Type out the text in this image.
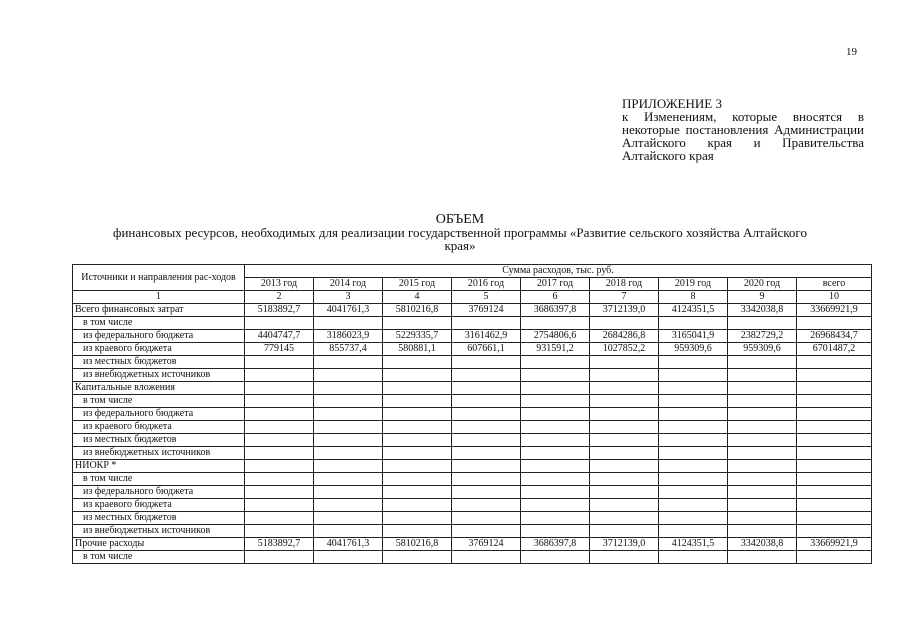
19
ПРИЛОЖЕНИЕ 3
к Изменениям, которые вносятся в некоторые постановления Администрации Алтайского края и Правительства Алтайского края
ОБЪЕМ
финансовых ресурсов, необходимых для реализации государственной программы «Развитие сельского хозяйства Алтайского края»
Источники и направления рас-ходов	Сумма расходов, тыс. руб.								
	2013 год	2014 год	2015 год	2016 год	2017 год	2018 год	2019 год	2020 год	всего
1	2	3	4	5	6	7	8	9	10
Всего финансовых затрат	5183892,7	4041761,3	5810216,8	3769124	3686397,8	3712139,0	4124351,5	3342038,8	33669921,9
в том числе									
из федерального бюджета	4404747,7	3186023,9	5229335,7	3161462,9	2754806,6	2684286,8	3165041,9	2382729,2	26968434,7
из краевого бюджета	779145	855737,4	580881,1	607661,1	931591,2	1027852,2	959309,6	959309,6	6701487,2
из местных бюджетов									
из внебюджетных источников									
Капитальные вложения									
в том числе									
из федерального бюджета									
из краевого бюджета									
из местных бюджетов									
из внебюджетных источников									
НИОКР *									
в том числе									
из федерального бюджета									
из краевого бюджета									
из местных бюджетов									
из внебюджетных источников									
Прочие расходы	5183892,7	4041761,3	5810216,8	3769124	3686397,8	3712139,0	4124351,5	3342038,8	33669921,9
в том числе									
